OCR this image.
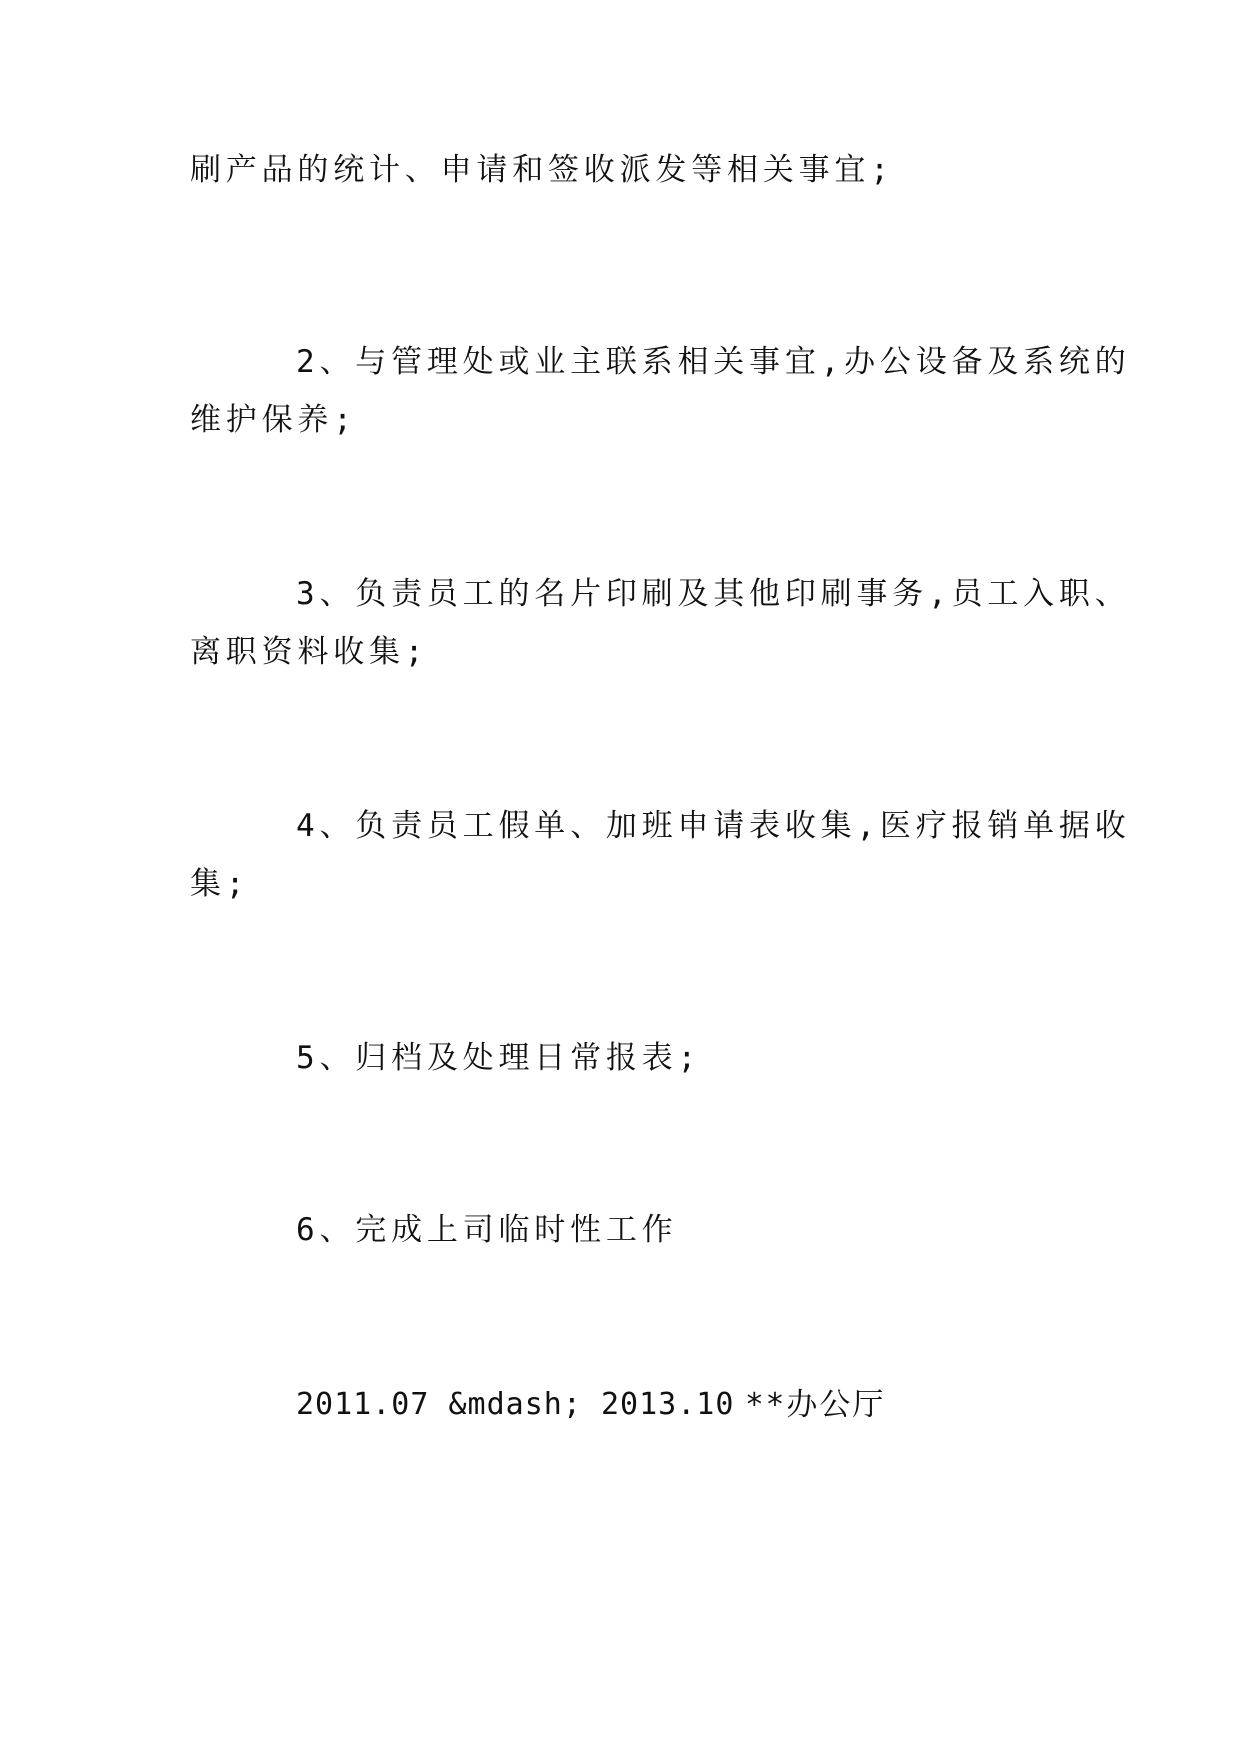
刷产品的统计、申请和签收派发等相关事宜;
2、与管理处或业主联系相关事宜,办公设备及系统的
维护保养;
3、负责员工的名片印刷及其他印刷事务,员工入职、
离职资料收集;
4、负责员工假单、加班申请表收集,医疗报销单据收
集;
5、归档及处理日常报表;
6、完成上司临时性工作
2011.07 &mdash; 2013.10 **办公厅
